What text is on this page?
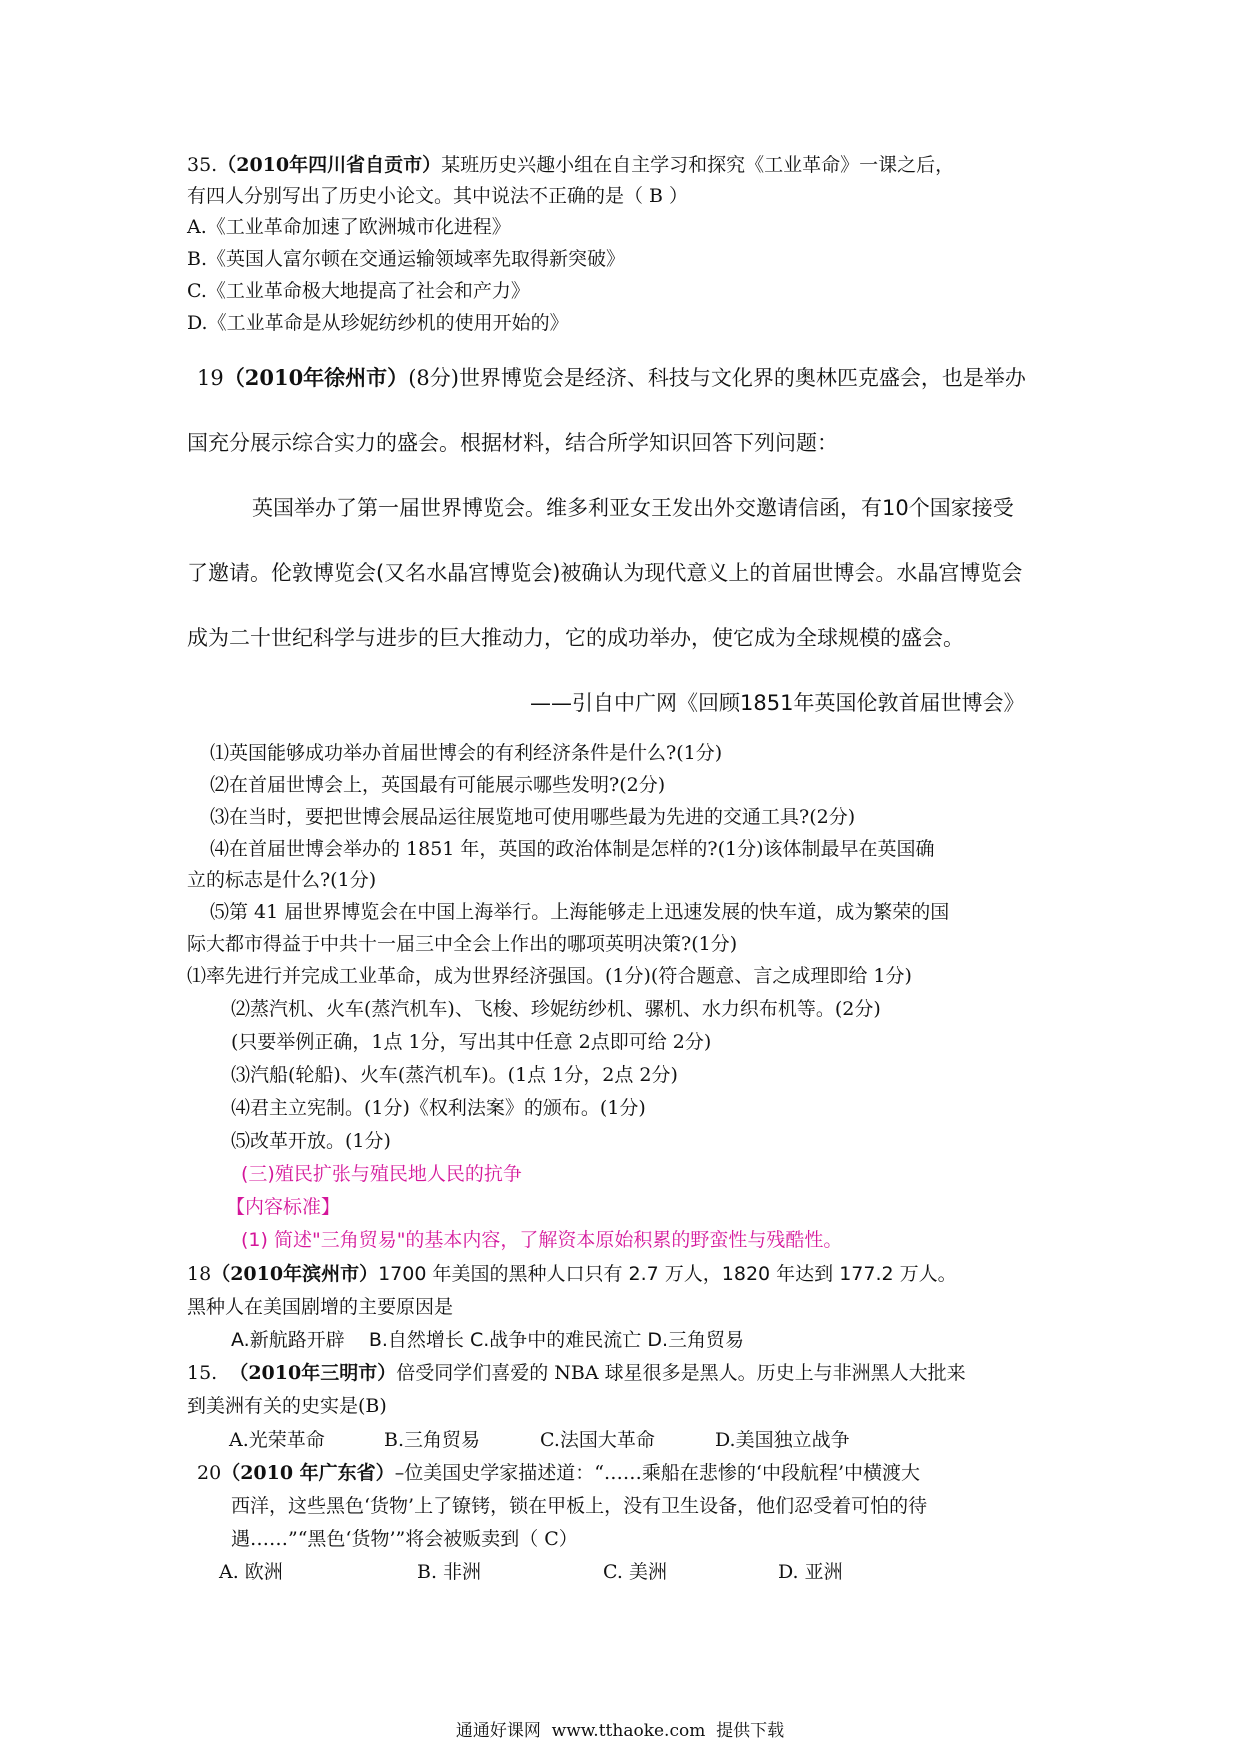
35.（2010年四川省自贡市）某班历史兴趣小组在自主学习和探究《工业革命》一课之后，
有四人分别写出了历史小论文。其中说法不正确的是（ B ）
A.《工业革命加速了欧洲城市化进程》
B.《英国人富尔顿在交通运输领域率先取得新突破》
C.《工业革命极大地提高了社会和产力》
D.《工业革命是从珍妮纺纱机的使用开始的》
19（2010年徐州市）(8分)世界博览会是经济、科技与文化界的奥林匹克盛会，也是举办
国充分展示综合实力的盛会。根据材料，结合所学知识回答下列问题：
英国举办了第一届世界博览会。维多利亚女王发出外交邀请信函，有10个国家接受
了邀请。伦敦博览会(又名水晶宫博览会)被确认为现代意义上的首届世博会。水晶宫博览会
成为二十世纪科学与进步的巨大推动力，它的成功举办，使它成为全球规模的盛会。
——引自中广网《回顾1851年英国伦敦首届世博会》
⑴英国能够成功举办首届世博会的有利经济条件是什么?(1分)
⑵在首届世博会上，英国最有可能展示哪些发明?(2分)
⑶在当时，要把世博会展品运往展览地可使用哪些最为先进的交通工具?(2分)
⑷在首届世博会举办的 1851 年，英国的政治体制是怎样的?(1分)该体制最早在英国确
立的标志是什么?(1分)
⑸第 41 届世界博览会在中国上海举行。上海能够走上迅速发展的快车道，成为繁荣的国
际大都市得益于中共十一届三中全会上作出的哪项英明决策?(1分)
⑴率先进行并完成工业革命，成为世界经济强国。(1分)(符合题意、言之成理即给 1分)
⑵蒸汽机、火车(蒸汽机车)、飞梭、珍妮纺纱机、骡机、水力织布机等。(2分)
(只要举例正确，1点 1分，写出其中任意 2点即可给 2分)
⑶汽船(轮船)、火车(蒸汽机车)。(1点 1分，2点 2分)
⑷君主立宪制。(1分)《权利法案》的颁布。(1分)
⑸改革开放。(1分)
(三)殖民扩张与殖民地人民的抗争
【内容标准】
(1) 简述"三角贸易"的基本内容，了解资本原始积累的野蛮性与残酷性。
18（2010年滨州市）1700 年美国的黑种人口只有 2.7 万人，1820 年达到 177.2 万人。
黑种人在美国剧增的主要原因是
A.新航路开辟    B.自然增长 C.战争中的难民流亡 D.三角贸易
15. （2010年三明市）倍受同学们喜爱的 NBA 球星很多是黑人。历史上与非洲黑人大批来
到美洲有关的史实是(B)
A.光荣革命	B.三角贸易	C.法国大革命	D.美国独立战争
20（2010 年广东省）–位美国史学家描述道：“……乘船在悲惨的‘中段航程’中横渡大
西洋，这些黑色‘货物’上了镣铐，锁在甲板上，没有卫生设备，他们忍受着可怕的待
遇……”“黑色‘货物’”将会被贩卖到（ C）
A. 欧洲	B. 非洲	C. 美洲	D. 亚洲
通通好课网  www.tthaoke.com  提供下载
